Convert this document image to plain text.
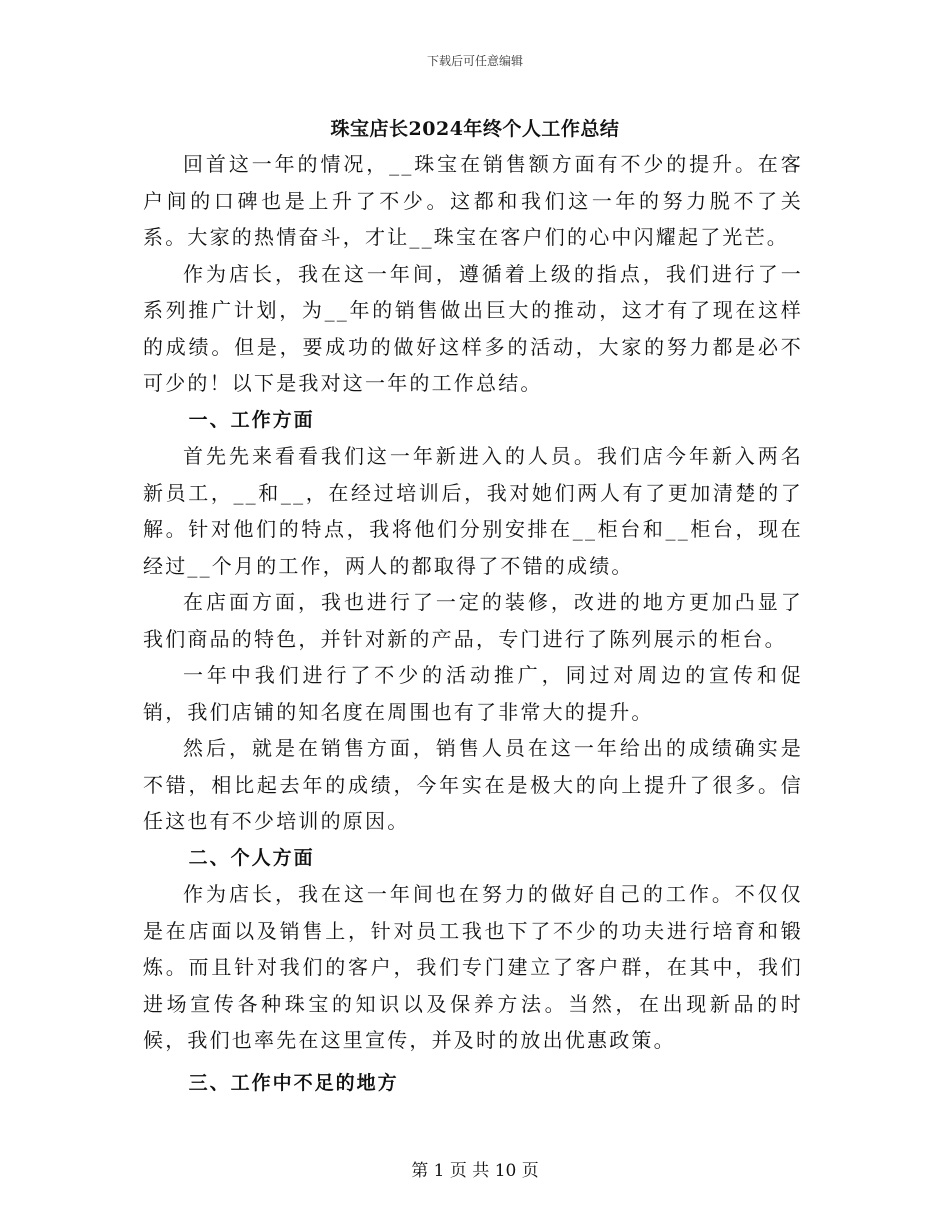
下载后可任意编辑
珠宝店长2024年终个人工作总结

回首这一年的情况，__珠宝在销售额方面有不少的提升。在客户间的口碑也是上升了不少。这都和我们这一年的努力脱不了关系。大家的热情奋斗，才让__珠宝在客户们的心中闪耀起了光芒。

作为店长，我在这一年间，遵循着上级的指点，我们进行了一系列推广计划，为__年的销售做出巨大的推动，这才有了现在这样的成绩。但是，要成功的做好这样多的活动，大家的努力都是必不可少的！以下是我对这一年的工作总结。

一、工作方面

首先先来看看我们这一年新进入的人员。我们店今年新入两名新员工，__和__，在经过培训后，我对她们两人有了更加清楚的了解。针对他们的特点，我将他们分别安排在__柜台和__柜台，现在经过__个月的工作，两人的都取得了不错的成绩。

在店面方面，我也进行了一定的装修，改进的地方更加凸显了我们商品的特色，并针对新的产品，专门进行了陈列展示的柜台。

一年中我们进行了不少的活动推广，同过对周边的宣传和促销，我们店铺的知名度在周围也有了非常大的提升。

然后，就是在销售方面，销售人员在这一年给出的成绩确实是不错，相比起去年的成绩，今年实在是极大的向上提升了很多。信任这也有不少培训的原因。

二、个人方面

作为店长，我在这一年间也在努力的做好自己的工作。不仅仅是在店面以及销售上，针对员工我也下了不少的功夫进行培育和锻炼。而且针对我们的客户，我们专门建立了客户群，在其中，我们进场宣传各种珠宝的知识以及保养方法。当然，在出现新品的时候，我们也率先在这里宣传，并及时的放出优惠政策。

三、工作中不足的地方

第 1 页 共 10 页
